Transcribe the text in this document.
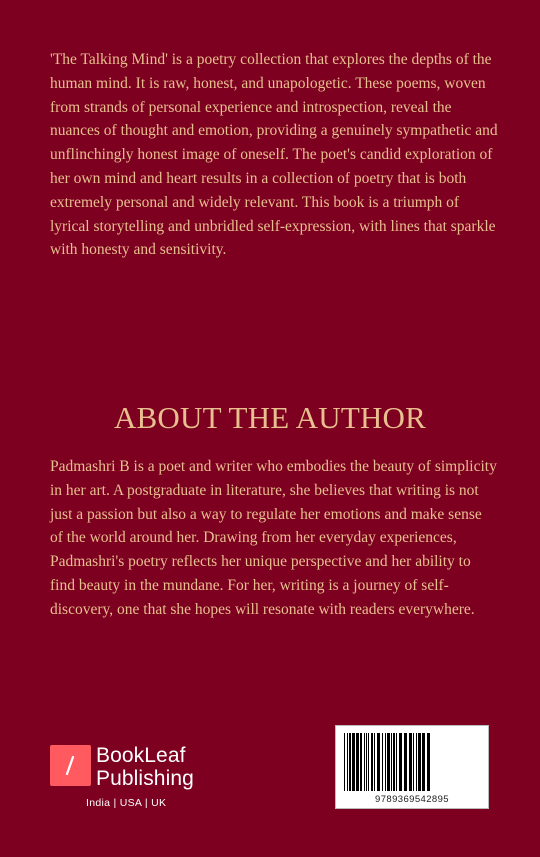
'The Talking Mind' is a poetry collection that explores the depths of the human mind. It is raw, honest, and unapologetic. These poems, woven from strands of personal experience and introspection, reveal the nuances of thought and emotion, providing a genuinely sympathetic and unflinchingly honest image of oneself. The poet's candid exploration of her own mind and heart results in a collection of poetry that is both extremely personal and widely relevant. This book is a triumph of lyrical storytelling and unbridled self-expression, with lines that sparkle with honesty and sensitivity.

ABOUT THE AUTHOR

Padmashri B is a poet and writer who embodies the beauty of simplicity in her art. A postgraduate in literature, she believes that writing is not just a passion but also a way to regulate her emotions and make sense of the world around her. Drawing from her everyday experiences, Padmashri's poetry reflects her unique perspective and her ability to find beauty in the mundane. For her, writing is a journey of self-discovery, one that she hopes will resonate with readers everywhere.

BookLeaf
Publishing
India | USA | UK	9789369542895
